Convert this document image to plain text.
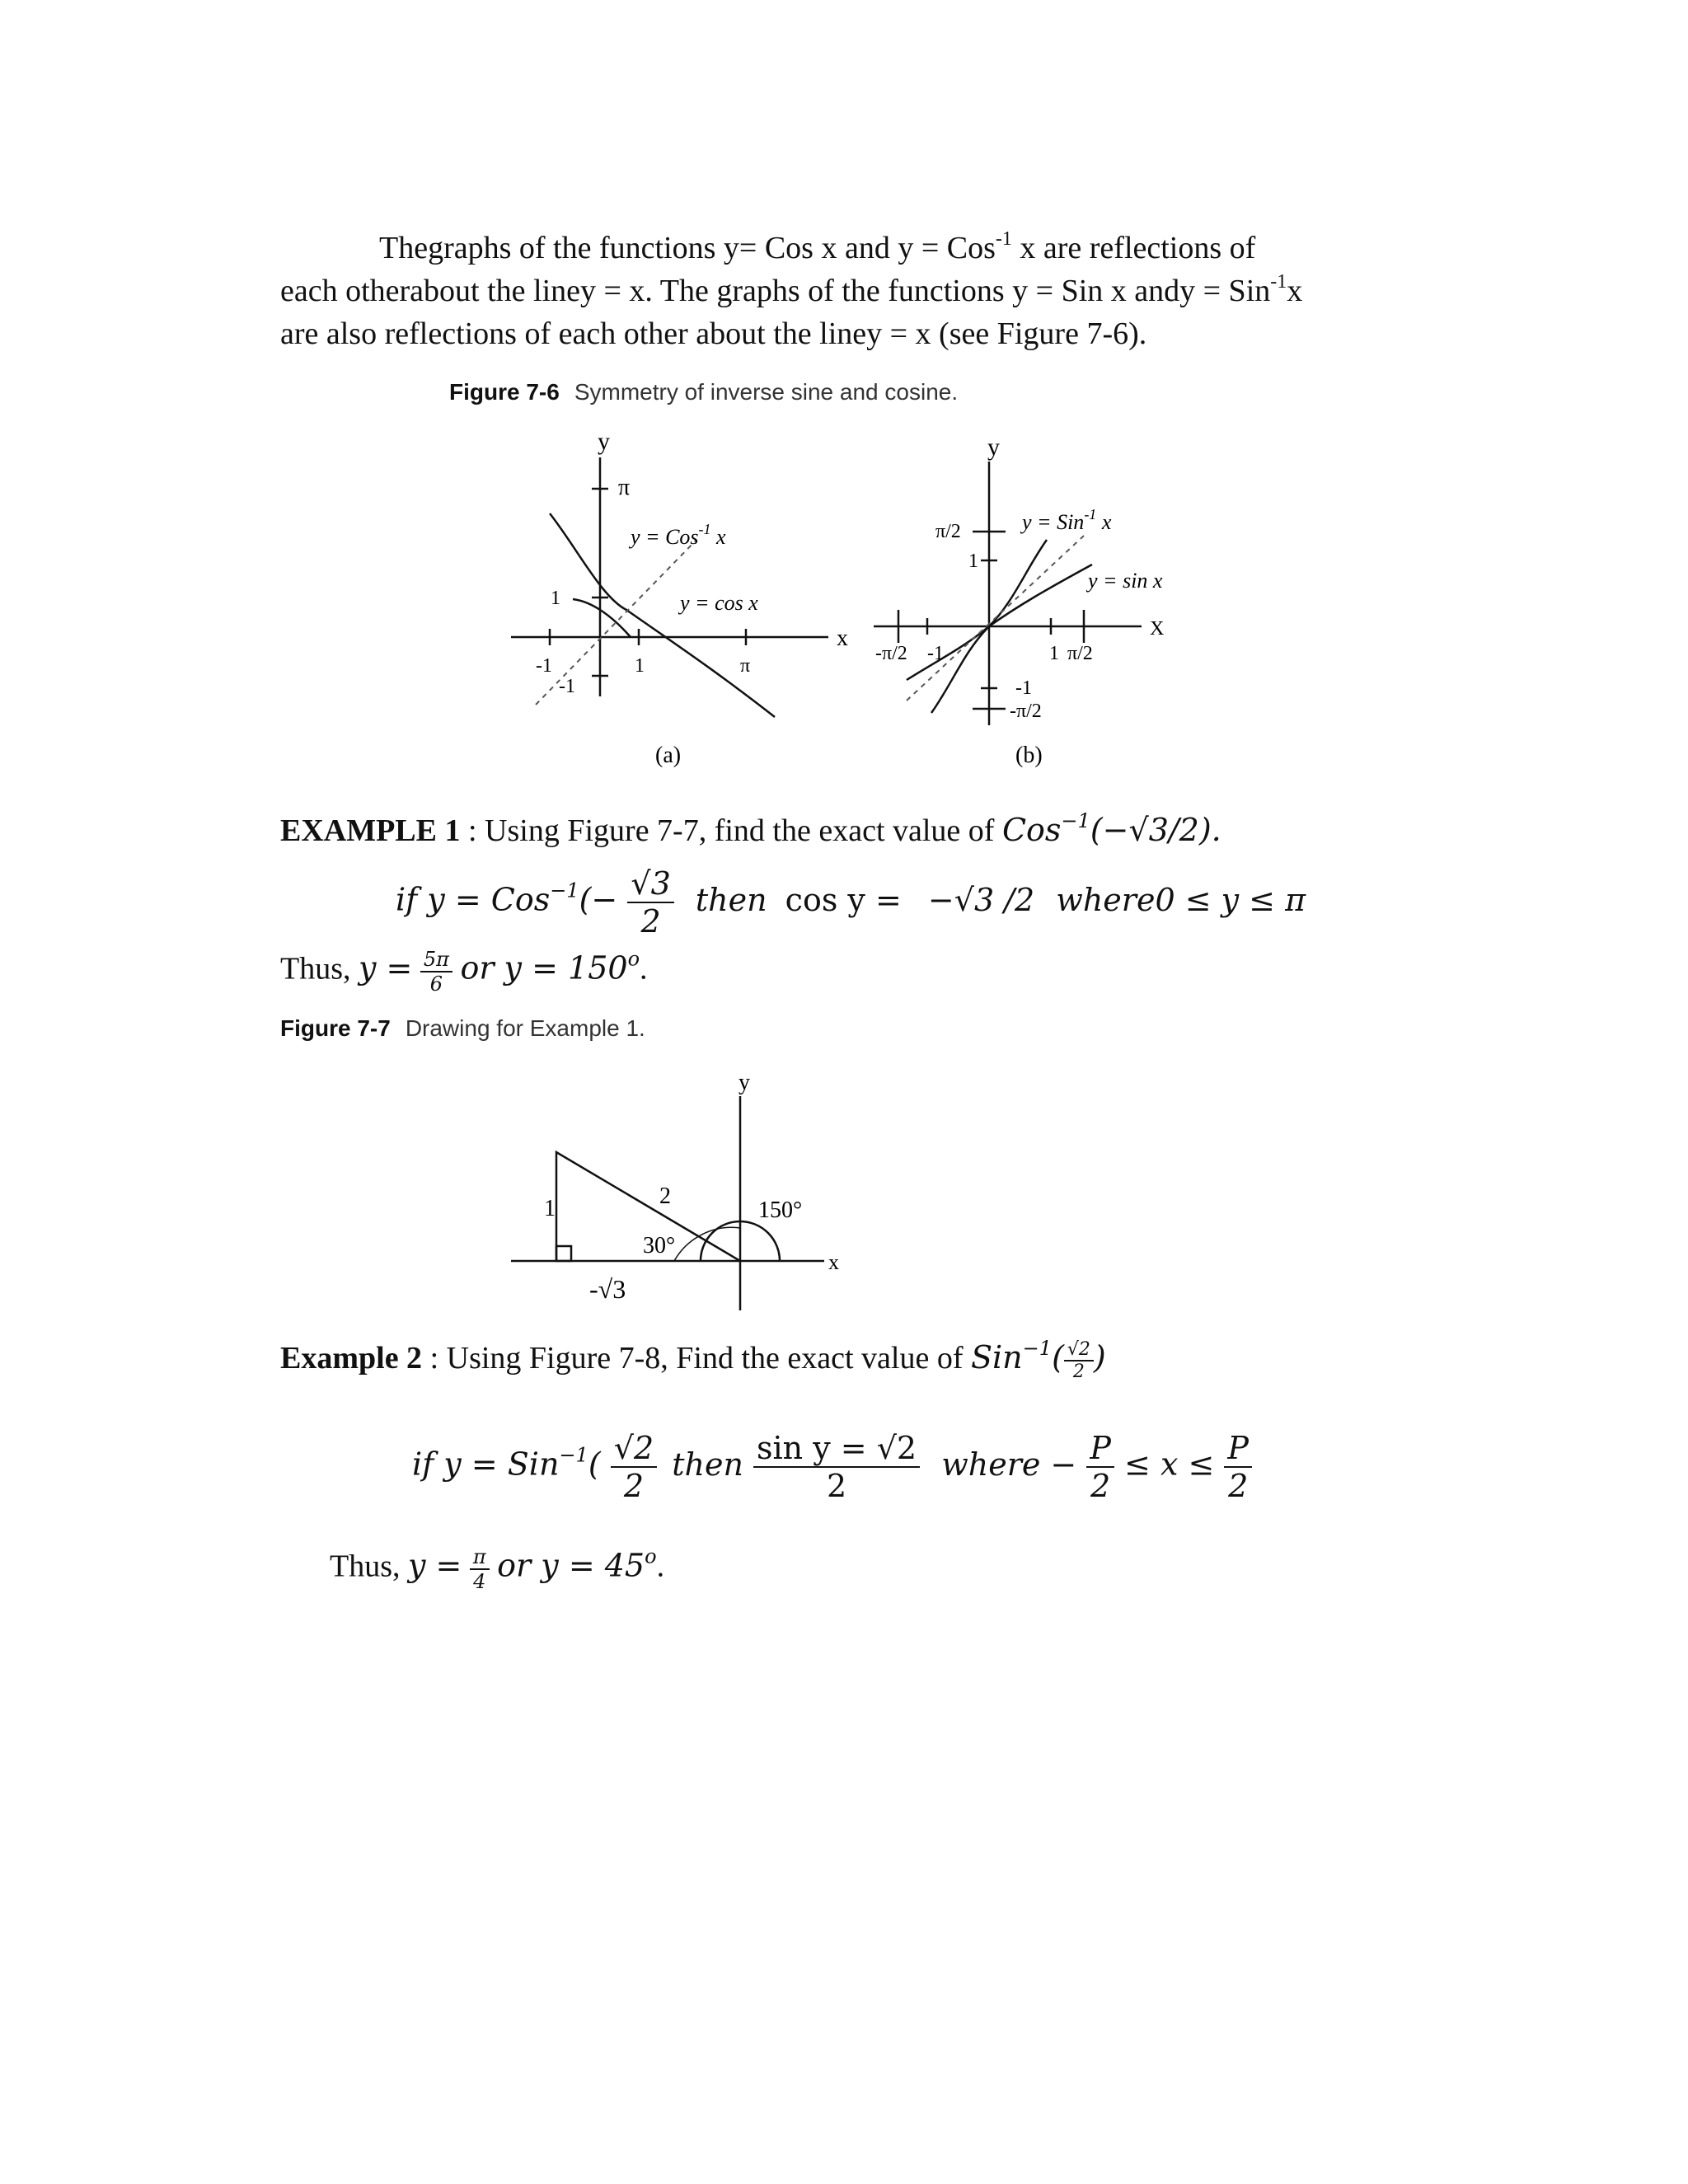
Thegraphs of the functions y= Cos x and y = Cos$^{-1}$ x are reflections of
each otherabout the liney = x. The graphs of the functions y = Sin x andy = Sin$^{-1}$x
are also reflections of each other about the liney = x (see Figure 7-6).
Figure 7-6 Symmetry of inverse sine and cosine.
y
x
π
y = Cos$^{-1}$ x
y = cos x
1
-1
-1	1	π
(a)
y
X
π/2
1
y = Sin$^{-1}$ x
y = sin x
-π/2 -1	1 π/2
-1
-π/2
(b)
EXAMPLE 1 : Using Figure 7-7, find the exact value of Cos$^{-1}$(−√3/2).
if $y = Cos^{-1}(- \frac{√3}{2}$ then cos y = −√3 /2 where0 ≤ y ≤ π
Thus, $y = \frac{5\pi}{6}$ or $y = 150^o$.
Figure 7-7 Drawing for Example 1.
y
x
2
1
30°
150°
-√3
Example 2 : Using Figure 7-8, Find the exact value of $Sin^{-1}( \frac{√2}{2}$ )
if $y = Sin^{-1}( \frac{√2}{2}$ then $\frac{\text{sin y = √2}}{2}$ where − $\frac{P}{2} \le x \le \frac{P}{2}$
Thus, $y = \frac{\pi}{4}$ or $y = 45^o$.
